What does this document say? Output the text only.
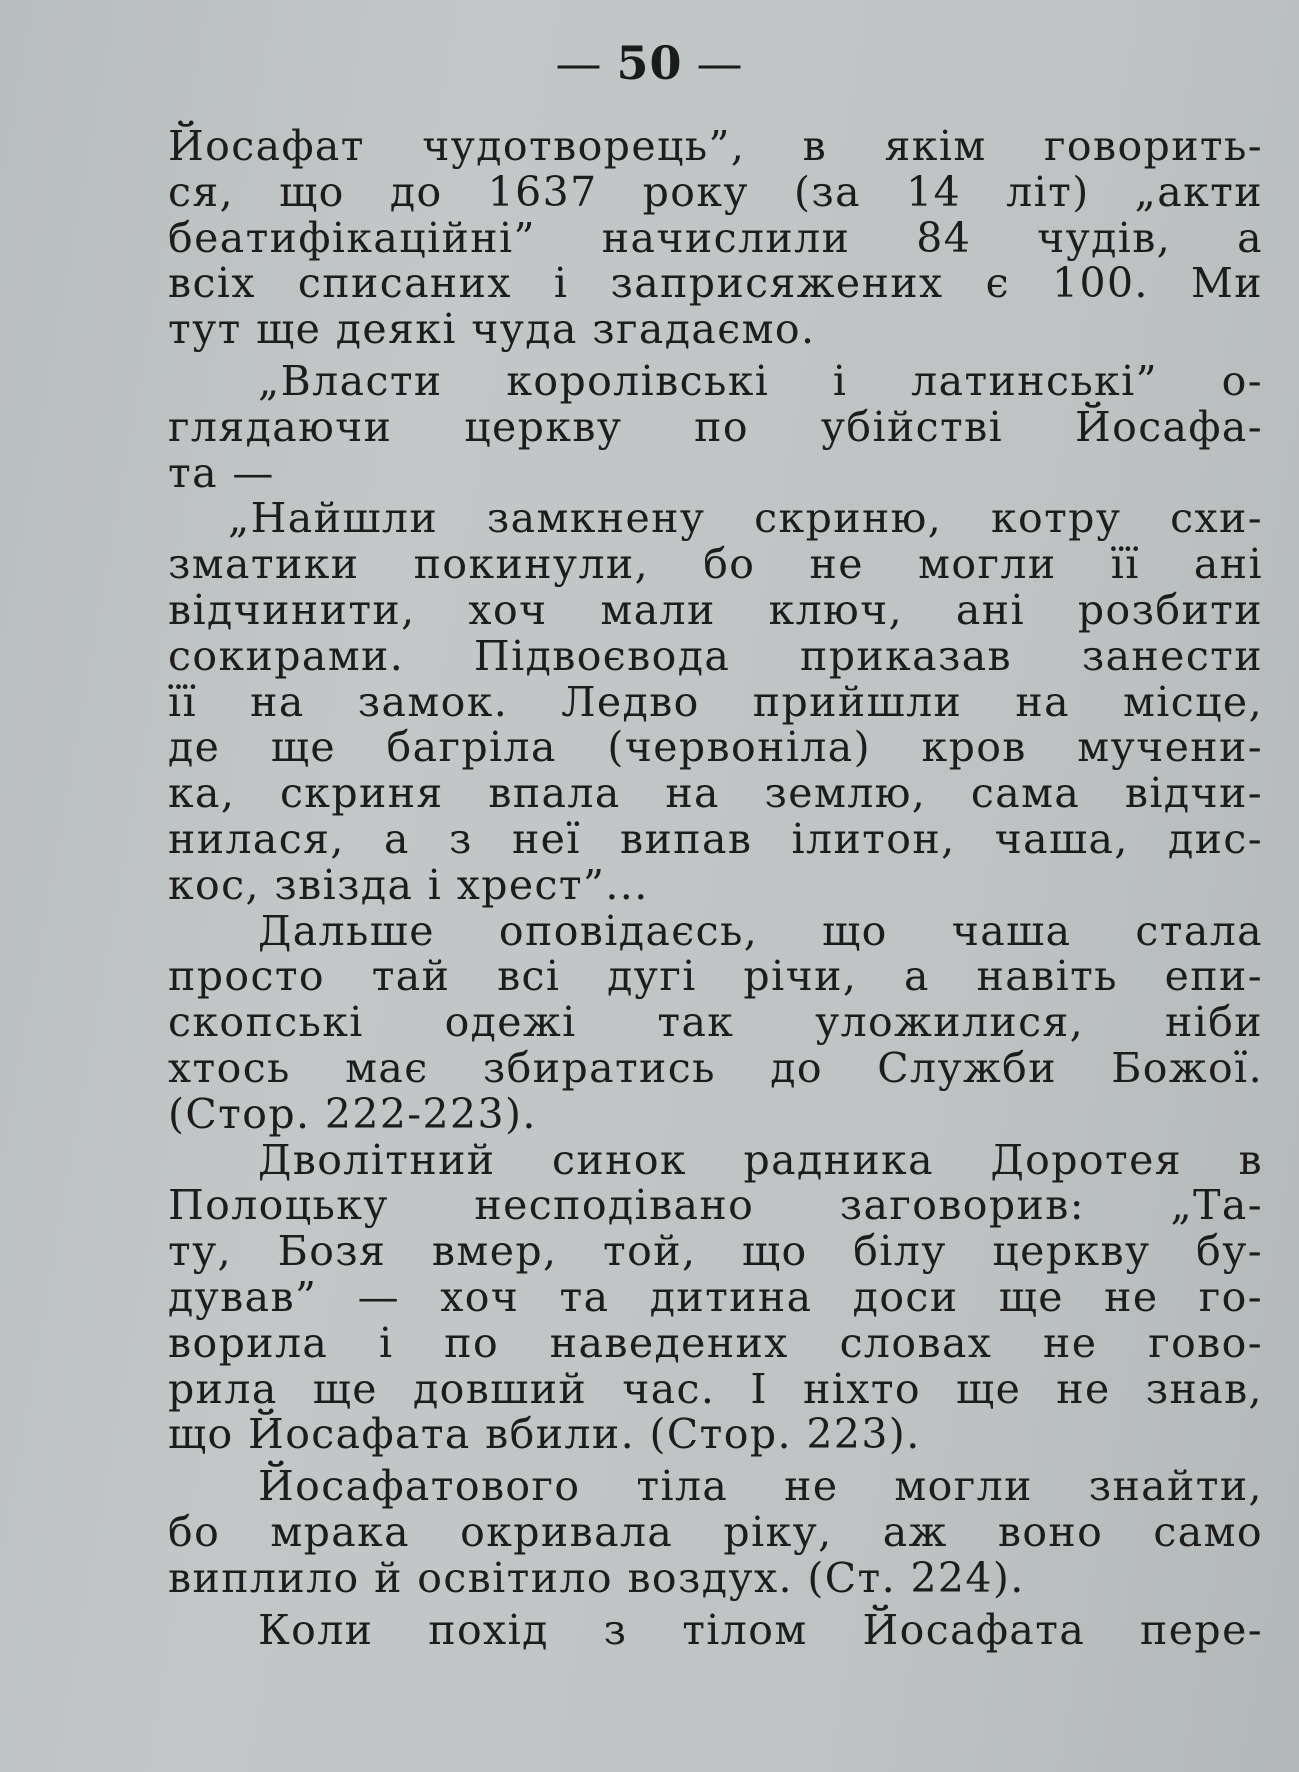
— 50 —
Йосафат чудотворець”, в якім говорить-
ся, що до 1637 року (за 14 літ) „акти
беатифікаційні” начислили 84 чудів, а
всіх списаних і заприсяжених є 100. Ми
тут ще деякі чуда згадаємо.
„Власти королівські і латинські” о-
глядаючи церкву по убійстві Йосафа-
та —
„Найшли замкнену скриню, котру схи-
зматики покинули, бо не могли її ані
відчинити, хоч мали ключ, ані розбити
сокирами. Підвоєвода приказав занести
її на замок. Ледво прийшли на місце,
де ще багріла (червоніла) кров мучени-
ка, скриня впала на землю, сама відчи-
нилася, а з неї випав ілитон, чаша, дис-
кос, звізда і хрест”...
Дальше оповідаєсь, що чаша стала
просто тай всі дугі річи, а навіть епи-
скопські одежі так уложилися, ніби
хтось має збиратись до Служби Божої.
(Стор. 222-223).
Дволітний синок радника Доротея в
Полоцьку несподівано заговорив: „Та-
ту, Бозя вмер, той, що білу церкву бу-
дував” — хоч та дитина доси ще не го-
ворила і по наведених словах не гово-
рила ще довший час. І ніхто ще не знав,
що Йосафата вбили. (Стор. 223).
Йосафатового тіла не могли знайти,
бо мрака окривала ріку, аж воно само
виплило й освітило воздух. (Ст. 224).
Коли похід з тілом Йосафата пере-
